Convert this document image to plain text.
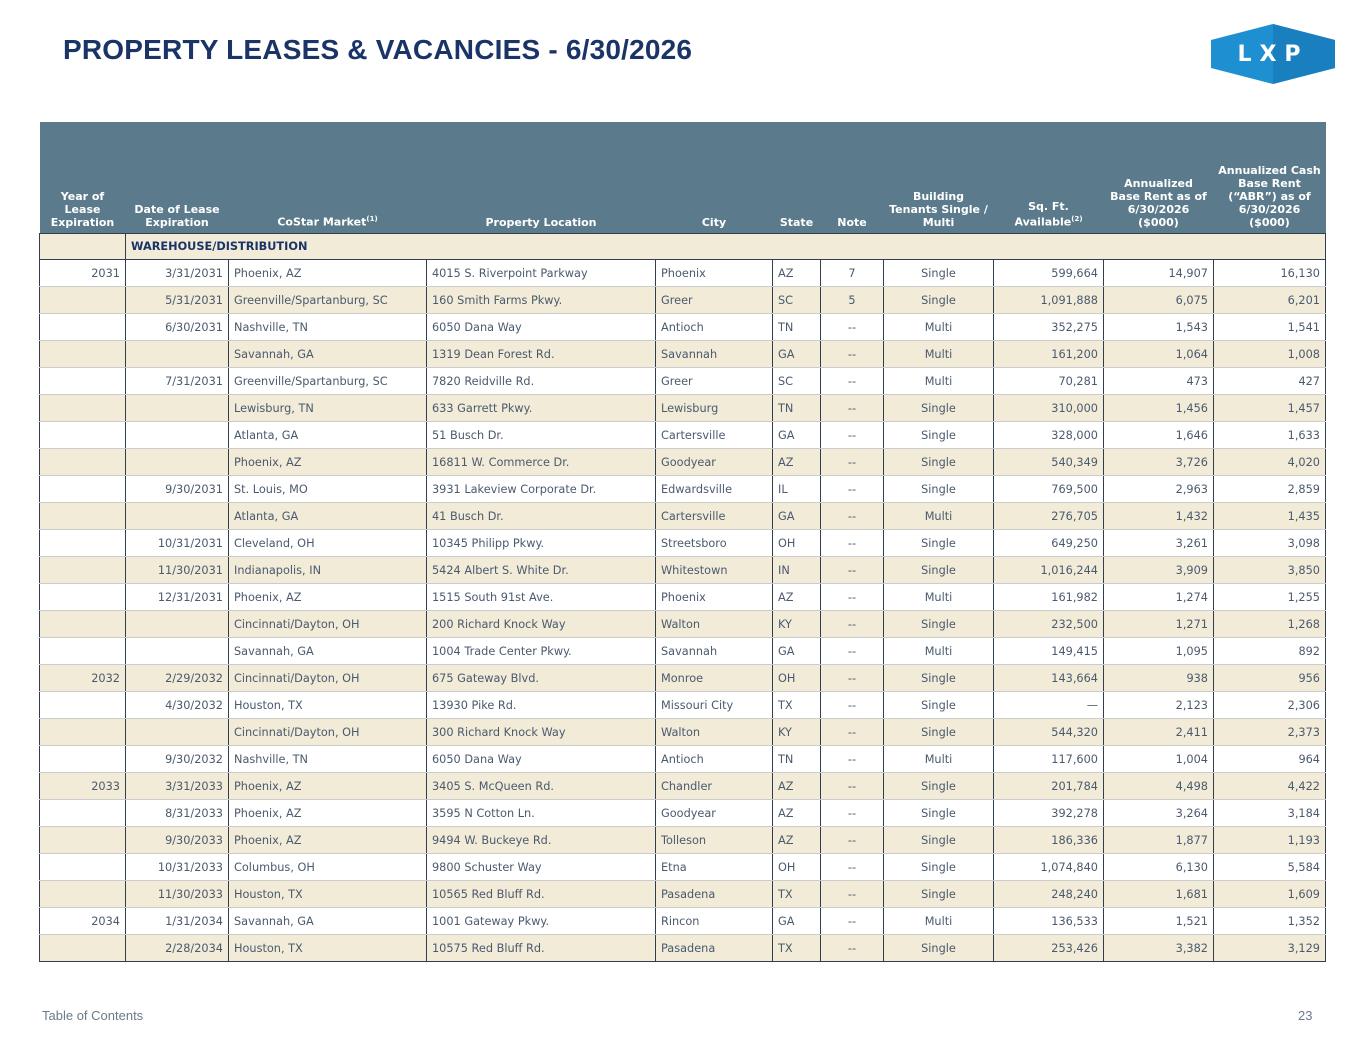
PROPERTY LEASES & VACANCIES - 6/30/2026	LXP
Year of Lease Expiration	Date of Lease Expiration	CoStar Market$^{(1)}$	Property Location	City	State	Note	Building Tenants Single / Multi	Sq. Ft. Available$^{(2)}$	Annualized Base Rent as of 6/30/2026 ($000)	Annualized Cash Base Rent (“ABR”) as of 6/30/2026 ($000)
	WAREHOUSE/DISTRIBUTION									
2031	3/31/2031	Phoenix, AZ	4015 S. Riverpoint Parkway	Phoenix	AZ	7	Single	599,664	14,907	16,130
	5/31/2031	Greenville/Spartanburg, SC	160 Smith Farms Pkwy.	Greer	SC	5	Single	1,091,888	6,075	6,201
	6/30/2031	Nashville, TN	6050 Dana Way	Antioch	TN	--	Multi	352,275	1,543	1,541
		Savannah, GA	1319 Dean Forest Rd.	Savannah	GA	--	Multi	161,200	1,064	1,008
	7/31/2031	Greenville/Spartanburg, SC	7820 Reidville Rd.	Greer	SC	--	Multi	70,281	473	427
		Lewisburg, TN	633 Garrett Pkwy.	Lewisburg	TN	--	Single	310,000	1,456	1,457
		Atlanta, GA	51 Busch Dr.	Cartersville	GA	--	Single	328,000	1,646	1,633
		Phoenix, AZ	16811 W. Commerce Dr.	Goodyear	AZ	--	Single	540,349	3,726	4,020
	9/30/2031	St. Louis, MO	3931 Lakeview Corporate Dr.	Edwardsville	IL	--	Single	769,500	2,963	2,859
		Atlanta, GA	41 Busch Dr.	Cartersville	GA	--	Multi	276,705	1,432	1,435
	10/31/2031	Cleveland, OH	10345 Philipp Pkwy.	Streetsboro	OH	--	Single	649,250	3,261	3,098
	11/30/2031	Indianapolis, IN	5424 Albert S. White Dr.	Whitestown	IN	--	Single	1,016,244	3,909	3,850
	12/31/2031	Phoenix, AZ	1515 South 91st Ave.	Phoenix	AZ	--	Multi	161,982	1,274	1,255
		Cincinnati/Dayton, OH	200 Richard Knock Way	Walton	KY	--	Single	232,500	1,271	1,268
		Savannah, GA	1004 Trade Center Pkwy.	Savannah	GA	--	Multi	149,415	1,095	892
2032	2/29/2032	Cincinnati/Dayton, OH	675 Gateway Blvd.	Monroe	OH	--	Single	143,664	938	956
	4/30/2032	Houston, TX	13930 Pike Rd.	Missouri City	TX	--	Single	—	2,123	2,306
		Cincinnati/Dayton, OH	300 Richard Knock Way	Walton	KY	--	Single	544,320	2,411	2,373
	9/30/2032	Nashville, TN	6050 Dana Way	Antioch	TN	--	Multi	117,600	1,004	964
2033	3/31/2033	Phoenix, AZ	3405 S. McQueen Rd.	Chandler	AZ	--	Single	201,784	4,498	4,422
	8/31/2033	Phoenix, AZ	3595 N Cotton Ln.	Goodyear	AZ	--	Single	392,278	3,264	3,184
	9/30/2033	Phoenix, AZ	9494 W. Buckeye Rd.	Tolleson	AZ	--	Single	186,336	1,877	1,193
	10/31/2033	Columbus, OH	9800 Schuster Way	Etna	OH	--	Single	1,074,840	6,130	5,584
	11/30/2033	Houston, TX	10565 Red Bluff Rd.	Pasadena	TX	--	Single	248,240	1,681	1,609
2034	1/31/2034	Savannah, GA	1001 Gateway Pkwy.	Rincon	GA	--	Multi	136,533	1,521	1,352
	2/28/2034	Houston, TX	10575 Red Bluff Rd.	Pasadena	TX	--	Single	253,426	3,382	3,129
Table of Contents	23
